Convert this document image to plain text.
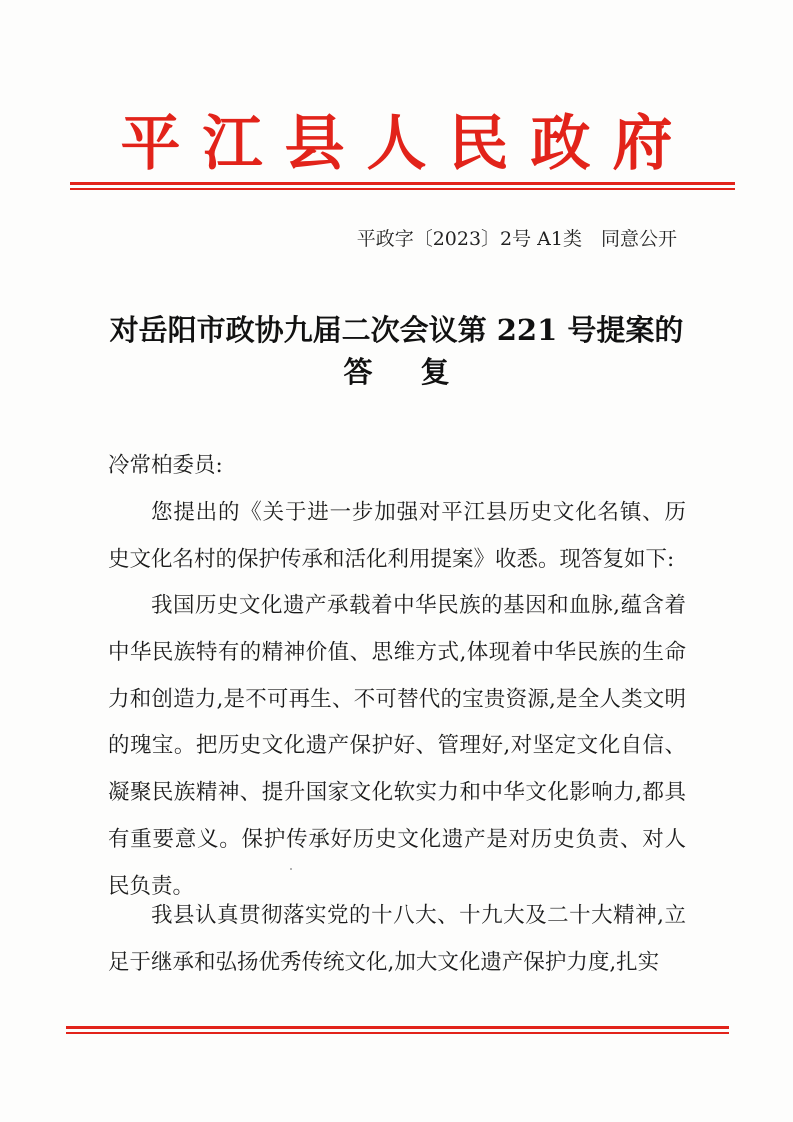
平江县人民政府
平政字〔2023〕2号 A1类　同意公开
对岳阳市政协九届二次会议第 221 号提案的
答复
冷常柏委员:
您提出的《关于进一步加强对平江县历史文化名镇、历史文化名村的保护传承和活化利用提案》收悉。现答复如下:
我国历史文化遗产承载着中华民族的基因和血脉,蕴含着中华民族特有的精神价值、思维方式,体现着中华民族的生命力和创造力,是不可再生、不可替代的宝贵资源,是全人类文明的瑰宝。把历史文化遗产保护好、管理好,对坚定文化自信、凝聚民族精神、提升国家文化软实力和中华文化影响力,都具有重要意义。保护传承好历史文化遗产是对历史负责、对人民负责。
我县认真贯彻落实党的十八大、十九大及二十大精神,立足于继承和弘扬优秀传统文化,加大文化遗产保护力度,扎实
